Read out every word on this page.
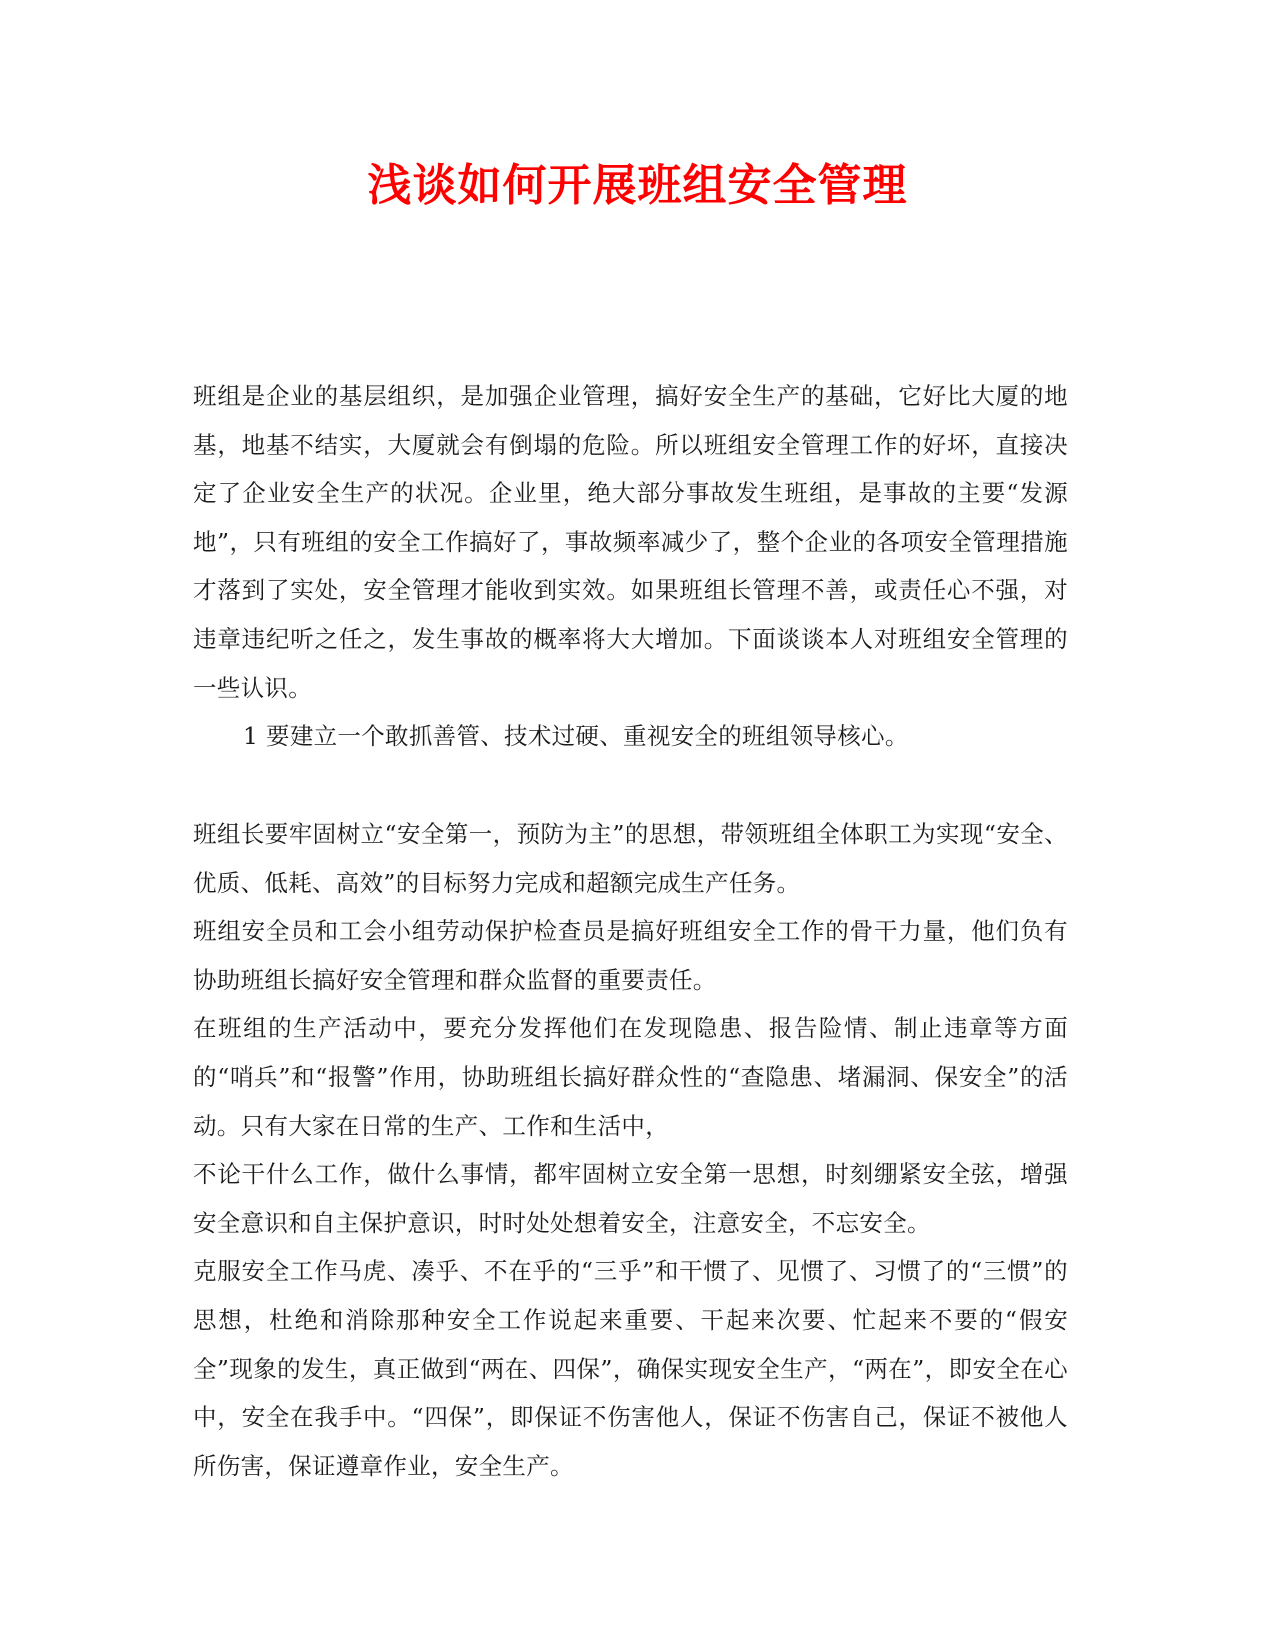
浅谈如何开展班组安全管理

班组是企业的基层组织，是加强企业管理，搞好安全生产的基础，它好比大厦的地基，地基不结实，大厦就会有倒塌的危险。所以班组安全管理工作的好坏，直接决定了企业安全生产的状况。企业里，绝大部分事故发生班组，是事故的主要“发源地”，只有班组的安全工作搞好了，事故频率减少了，整个企业的各项安全管理措施才落到了实处，安全管理才能收到实效。如果班组长管理不善，或责任心不强，对违章违纪听之任之，发生事故的概率将大大增加。下面谈谈本人对班组安全管理的一些认识。

1 要建立一个敢抓善管、技术过硬、重视安全的班组领导核心。

班组长要牢固树立“安全第一，预防为主”的思想，带领班组全体职工为实现“安全、优质、低耗、高效”的目标努力完成和超额完成生产任务。

班组安全员和工会小组劳动保护检查员是搞好班组安全工作的骨干力量，他们负有协助班组长搞好安全管理和群众监督的重要责任。

在班组的生产活动中，要充分发挥他们在发现隐患、报告险情、制止违章等方面的“哨兵”和“报警”作用，协助班组长搞好群众性的“查隐患、堵漏洞、保安全”的活动。只有大家在日常的生产、工作和生活中，

不论干什么工作，做什么事情，都牢固树立安全第一思想，时刻绷紧安全弦，增强安全意识和自主保护意识，时时处处想着安全，注意安全，不忘安全。

克服安全工作马虎、凑乎、不在乎的“三乎”和干惯了、见惯了、习惯了的“三惯”的思想，杜绝和消除那种安全工作说起来重要、干起来次要、忙起来不要的“假安全”现象的发生，真正做到“两在、四保”，确保实现安全生产，“两在”，即安全在心中，安全在我手中。“四保”，即保证不伤害他人，保证不伤害自己，保证不被他人所伤害，保证遵章作业，安全生产。
